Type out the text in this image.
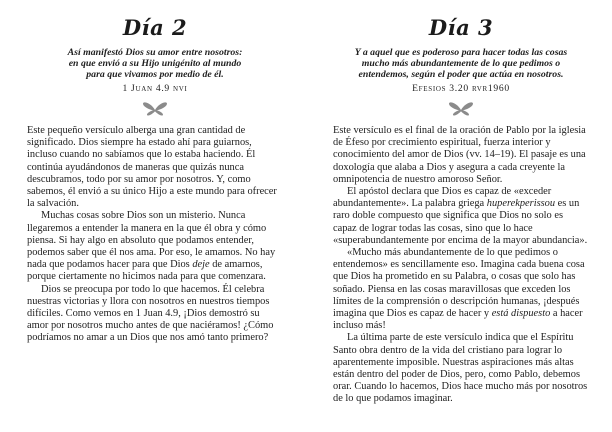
Día 2
Así manifestó Dios su amor entre nosotros:
en que envió a su Hijo unigénito al mundo
para que vivamos por medio de él.
1 Juan 4.9 nvi

Este pequeño versículo alberga una gran cantidad de significado. Dios siempre ha estado ahí para guiarnos, incluso cuando no sabíamos que lo estaba haciendo. Él continúa ayudándonos de maneras que quizás nunca descubramos, todo por su amor por nosotros. Y, como sabemos, él envió a su único Hijo a este mundo para ofrecer la salvación.

Muchas cosas sobre Dios son un misterio. Nunca llegaremos a entender la manera en la que él obra y cómo piensa. Si hay algo en absoluto que podamos entender, podemos saber que él nos ama. Por eso, le amamos. No hay nada que podamos hacer para que Dios deje de amarnos, porque ciertamente no hicimos nada para que comenzara.

Dios se preocupa por todo lo que hacemos. Él celebra nuestras victorias y llora con nosotros en nuestros tiempos difíciles. Como vemos en 1 Juan 4.9, ¡Dios demostró su amor por nosotros mucho antes de que naciéramos! ¿Cómo podríamos no amar a un Dios que nos amó tanto primero?

Día 3
Y a aquel que es poderoso para hacer todas las cosas
mucho más abundantemente de lo que pedimos o
entendemos, según el poder que actúa en nosotros.
Efesios 3.20 rvr1960

Este versículo es el final de la oración de Pablo por la iglesia de Éfeso por crecimiento espiritual, fuerza interior y conocimiento del amor de Dios (vv. 14–19). El pasaje es una doxología que alaba a Dios y asegura a cada creyente la omnipotencia de nuestro amoroso Señor.

El apóstol declara que Dios es capaz de «exceder abundantemente». La palabra griega huperekperissou es un raro doble compuesto que significa que Dios no solo es capaz de lograr todas las cosas, sino que lo hace «superabundantemente por encima de la mayor abundancia».

«Mucho más abundantemente de lo que pedimos o entendemos» es sencillamente eso. Imagina cada buena cosa que Dios ha prometido en su Palabra, o cosas que solo has soñado. Piensa en las cosas maravillosas que exceden los límites de la comprensión o descripción humanas, ¡después imagina que Dios es capaz de hacer y está dispuesto a hacer incluso más!

La última parte de este versículo indica que el Espíritu Santo obra dentro de la vida del cristiano para lograr lo aparentemente imposible. Nuestras aspiraciones más altas están dentro del poder de Dios, pero, como Pablo, debemos orar. Cuando lo hacemos, Dios hace mucho más por nosotros de lo que podamos imaginar.
